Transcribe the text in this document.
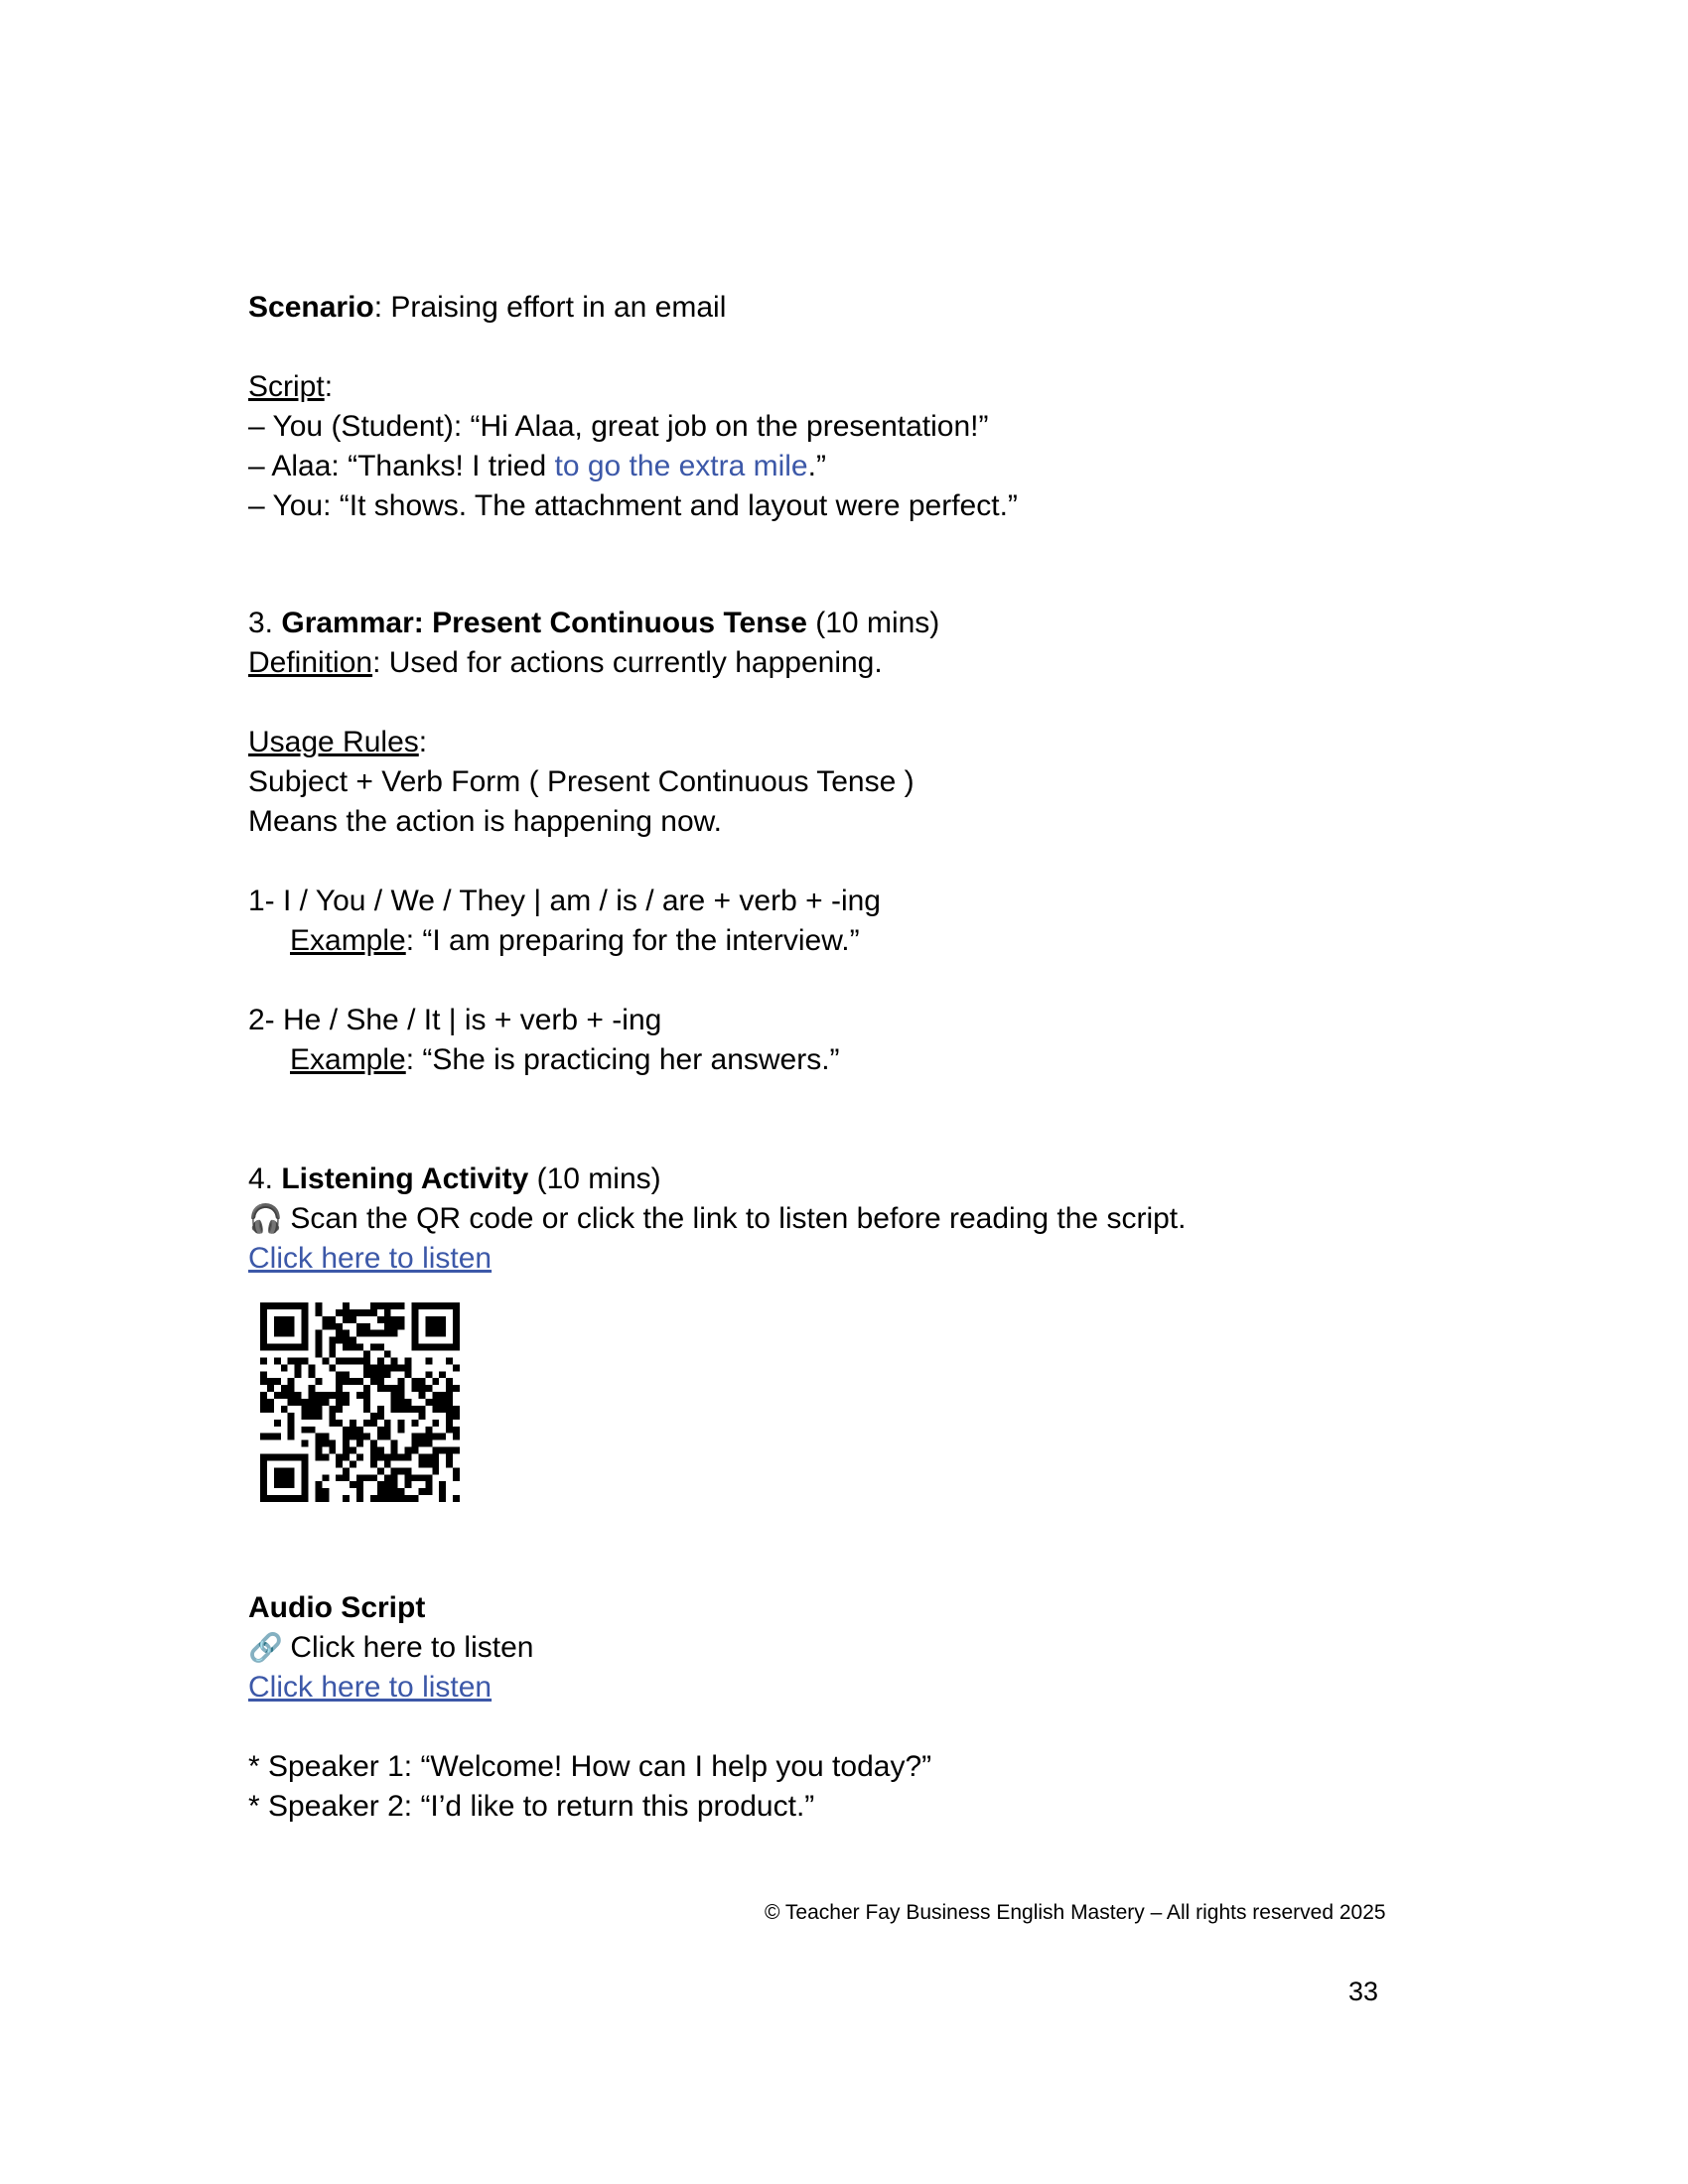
Scenario: Praising effort in an email
Script:
– You (Student): “Hi Alaa, great job on the presentation!”
– Alaa: “Thanks! I tried to go the extra mile.”
– You: “It shows. The attachment and layout were perfect.”
3. Grammar: Present Continuous Tense (10 mins)
Definition: Used for actions currently happening.
Usage Rules:
Subject + Verb Form ( Present Continuous Tense )
Means the action is happening now.
1- I / You / We / They | am / is / are + verb + -ing
Example: “I am preparing for the interview.”
2- He / She / It | is + verb + -ing
Example: “She is practicing her answers.”
4. Listening Activity (10 mins)
🎧 Scan the QR code or click the link to listen before reading the script.
Click here to listen
Audio Script
🔗 Click here to listen
Click here to listen
* Speaker 1: “Welcome! How can I help you today?”
* Speaker 2: “I’d like to return this product.”
© Teacher Fay Business English Mastery – All rights reserved 2025
33
